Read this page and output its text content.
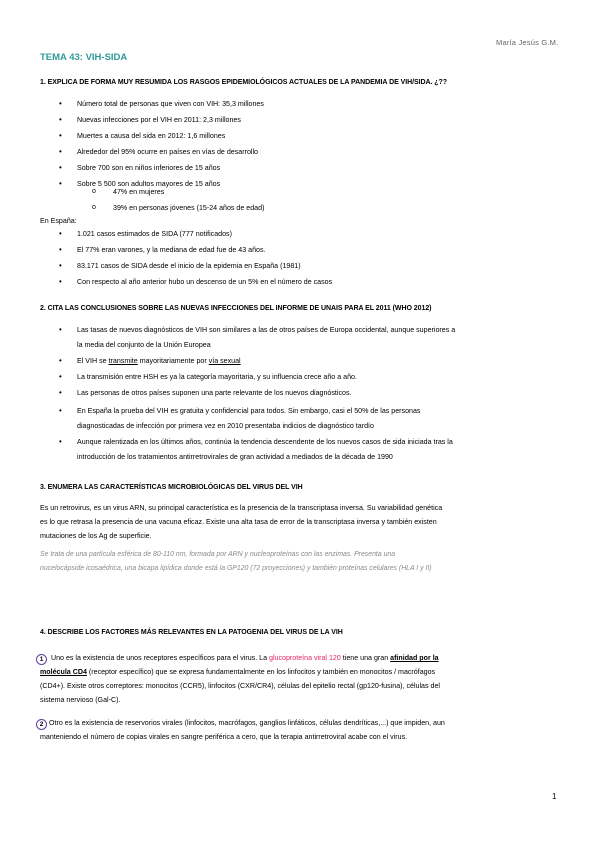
María Jesús G.M.
TEMA 43: VIH-SIDA
1. EXPLICA DE FORMA MUY RESUMIDA LOS RASGOS EPIDEMIOLÓGICOS ACTUALES DE LA PANDEMIA DE VIH/SIDA. ¿??
• Número total de personas que viven con VIH: 35,3 millones
• Nuevas infecciones por el VIH en 2011: 2,3 millones
• Muertes a causa del sida en 2012: 1,6 millones
• Alrededor del 95% ocurre en países en vías de desarrollo
• Sobre 700 son en niños inferiores de 15 años
• Sobre 5 500 son adultos mayores de 15 años
o 47% en mujeres
o 39% en personas jóvenes (15-24 años de edad)
En España:
• 1.021 casos estimados de SIDA (777 notificados)
• El 77% eran varones, y la mediana de edad fue de 43 años.
• 83.171 casos de SIDA desde el inicio de la epidemia en España (1981)
• Con respecto al año anterior hubo un descenso de un 5% en el número de casos
2. CITA LAS CONCLUSIONES SOBRE LAS NUEVAS INFECCIONES DEL INFORME DE UNAIS PARA EL 2011 (WHO 2012)
• Las tasas de nuevos diagnósticos de VIH son similares a las de otros países de Europa occidental, aunque superiores a
la media del conjunto de la Unión Europea
• El VIH se transmite mayoritariamente por vía sexual
• La transmisión entre HSH es ya la categoría mayoritaria, y su influencia crece año a año.
• Las personas de otros países suponen una parte relevante de los nuevos diagnósticos.
• En España la prueba del VIH es gratuita y confidencial para todos. Sin embargo, casi el 50% de las personas
diagnosticadas de infección por primera vez en 2010 presentaba indicios de diagnóstico tardío
• Aunque ralentizada en los últimos años, continúa la tendencia descendente de los nuevos casos de sida iniciada tras la
introducción de los tratamientos antirretrovirales de gran actividad a mediados de la década de 1990
3. ENUMERA LAS CARACTERÍSTICAS MICROBIOLÓGICAS DEL VIRUS DEL VIH
Es un retrovirus, es un virus ARN, su principal característica es la presencia de la transcriptasa inversa. Su variabilidad genética
es lo que retrasa la presencia de una vacuna eficaz. Existe una alta tasa de error de la transcriptasa inversa y también existen
mutaciones de los Ag de superficie.
Se trata de una partícula esférica de 80-110 nm, formada por ARN y nucleoproteínas con las enzimas. Presenta una
nucelocápside icosaédrica, una bicapa lipídica donde está la GP120 (72 proyecciones) y también proteínas celulares (HLA I y II)
4. DESCRIBE LOS FACTORES MÁS RELEVANTES EN LA PATOGENIA DEL VIRUS DE LA VIH
1 Uno es la existencia de unos receptores específicos para el virus. La glucoproteína viral 120 tiene una gran afinidad por la
molécula CD4 (receptor específico) que se expresa fundamentalmente en los linfocitos y también en monocitos / macrófagos
(CD4+). Existe otros correptores: monocitos (CCR5), linfocitos (CXR/CR4), células del epitelio rectal (gp120-fusina), células del
sistema nervioso (Gal-C).
2 Otro es la existencia de reservorios virales (linfocitos, macrófagos, ganglios linfáticos, células dendríticas,...) que impiden, aun
manteniendo el número de copias virales en sangre periférica a cero, que la terapia antirretroviral acabe con el virus.
1
